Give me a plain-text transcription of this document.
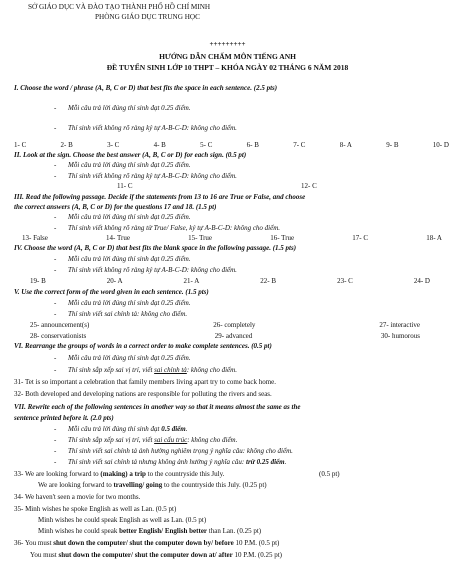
SỞ GIÁO DỤC VÀ ĐÀO TẠO THÀNH PHỐ HỒ CHÍ MINH
PHÒNG GIÁO DỤC TRUNG HỌC
+++++++++
HƯỚNG DẪN CHẤM MÔN TIẾNG ANH
ĐỀ TUYỂN SINH LỚP 10 THPT – KHÓA NGÀY 02 THÁNG 6 NĂM 2018
I. Choose the word / phrase (A, B, C or D) that best fits the space in each sentence. (2.5 pts)
- Mỗi câu trả lời đúng thí sinh đạt 0.25 điểm.
- Thí sinh viết không rõ ràng ký tự A-B-C-D: không cho điểm.
1- C	2- B	3- C	4- B	5- C	6- B	7- C	8- A	9- B	10- D
II. Look at the sign. Choose the best answer (A, B, C or D) for each sign. (0.5 pt)
- Mỗi câu trả lời đúng thí sinh đạt 0.25 điểm.
- Thí sinh viết không rõ ràng ký tự A-B-C-D: không cho điểm.
11- C	12- C
III. Read the following passage. Decide if the statements from 13 to 16 are True or False, and choose
the correct answers (A, B, C or D) for the questions 17 and 18. (1.5 pt)
- Mỗi câu trả lời đúng thí sinh đạt 0.25 điểm.
- Thí sinh viết không rõ ràng từ True/ False, ký tự A-B-C-D: không cho điểm.
13- False	14- True	15- True	16- True	17- C	18- A
IV. Choose the word (A, B, C or D) that best fits the blank space in the following passage. (1.5 pts)
- Mỗi câu trả lời đúng thí sinh đạt 0.25 điểm.
- Thí sinh viết không rõ ràng ký tự A-B-C-D: không cho điểm.
19- B	20- A	21- A	22- B	23- C	24- D
V. Use the correct form of the word given in each sentence. (1.5 pts)
- Mỗi câu trả lời đúng thí sinh đạt 0.25 điểm.
- Thí sinh viết sai chính tả: không cho điểm.
25- announcement(s)	26- completely	27- interactive
28- conservationists	29- advanced	30- humorous
VI. Rearrange the groups of words in a correct order to make complete sentences. (0.5 pt)
- Mỗi câu trả lời đúng thí sinh đạt 0.25 điểm.
- Thí sinh sắp xếp sai vị trí, viết sai chính tả: không cho điểm.
31- Tet is so important a celebration that family members living apart try to come back home.
32- Both developed and developing nations are responsible for polluting the rivers and seas.
VII. Rewrite each of the following sentences in another way so that it means almost the same as the
sentence printed before it. (2.0 pts)
- Mỗi câu trả lời đúng thí sinh đạt 0.5 điểm.
- Thí sinh sắp xếp sai vị trí, viết sai cấu trúc: không cho điểm.
- Thí sinh viết sai chính tả ảnh hưởng nghiêm trọng ý nghĩa câu: không cho điểm.
- Thí sinh viết sai chính tả nhưng không ảnh hưởng ý nghĩa câu: trừ 0.25 điểm.
33- We are looking forward to (making) a trip to the countryside this July.	(0.5 pt)
We are looking forward to travelling/ going to the countryside this July. (0.25 pt)
34- We haven't seen a movie for two months.
35- Minh wishes he spoke English as well as Lan. (0.5 pt)
Minh wishes he could speak English as well as Lan. (0.5 pt)
Minh wishes he could speak better English/ English better than Lan. (0.25 pt)
36- You must shut down the computer/ shut the computer down by/ before 10 P.M. (0.5 pt)
You must shut down the computer/ shut the computer down at/ after 10 P.M. (0.25 pt)
